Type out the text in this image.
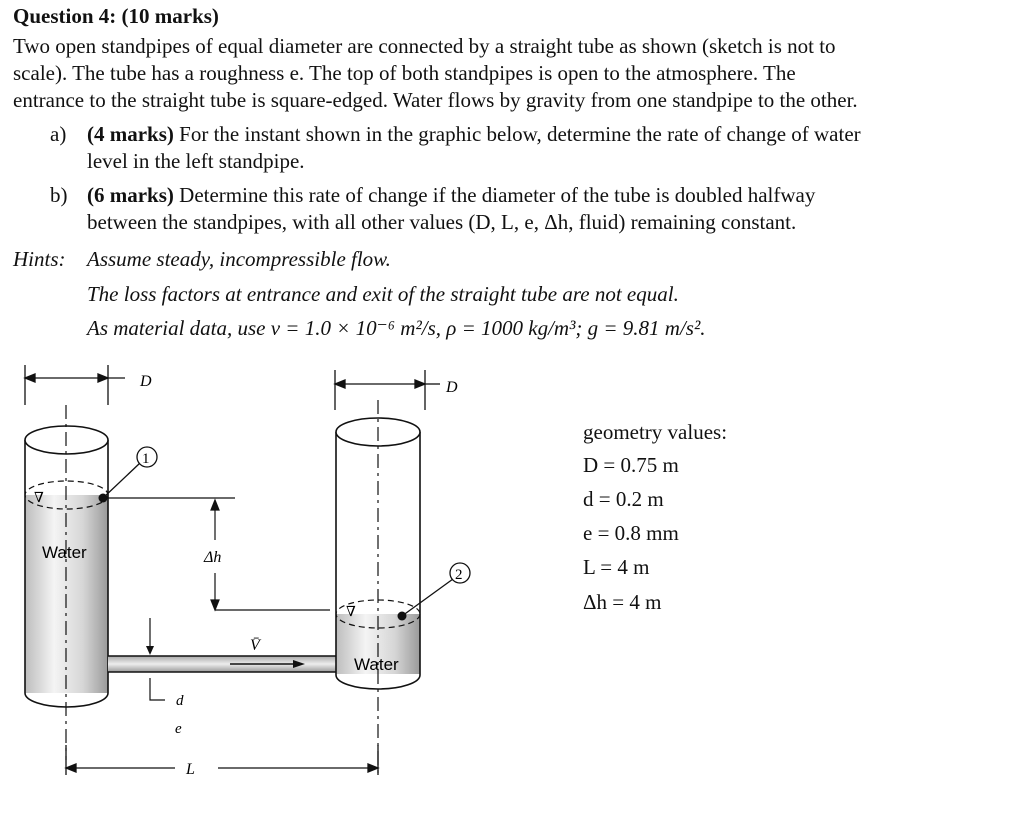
Question 4: (10 marks)

Two open standpipes of equal diameter are connected by a straight tube as shown (sketch is not to
scale). The tube has a roughness e. The top of both standpipes is open to the atmosphere. The
entrance to the straight tube is square-edged. Water flows by gravity from one standpipe to the other.

a) (4 marks) For the instant shown in the graphic below, determine the rate of change of water
level in the left standpipe.
b) (6 marks) Determine this rate of change if the diameter of the tube is doubled halfway
between the standpipes, with all other values (D, L, e, Δh, fluid) remaining constant.
Hints: Assume steady, incompressible flow.
The loss factors at entrance and exit of the straight tube are not equal.
As material data, use ν = 1.0 × 10⁻⁶ m²/s, ρ = 1000 kg/m³; g = 9.81 m/s².
D	D
∇
Water
1
Δh
V̄
d
e
∇
Water
2
L
geometry values:
D = 0.75 m
d = 0.2 m
e = 0.8 mm
L = 4 m
Δh = 4 m
